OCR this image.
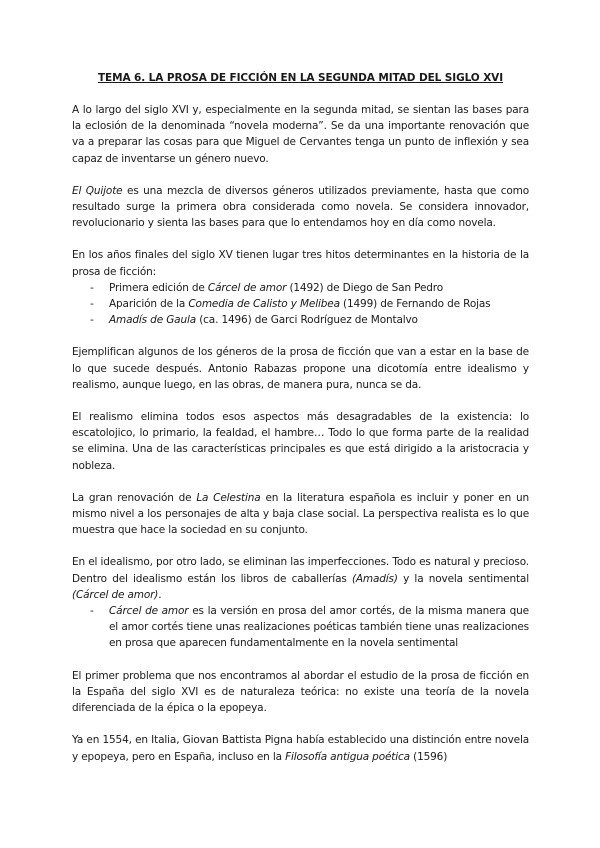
TEMA 6. LA PROSA DE FICCIÓN EN LA SEGUNDA MITAD DEL SIGLO XVI

A lo largo del siglo XVI y, especialmente en la segunda mitad, se sientan las bases para la eclosión de la denominada “novela moderna”. Se da una importante renovación que va a preparar las cosas para que Miguel de Cervantes tenga un punto de inflexión y sea capaz de inventarse un género nuevo.

El Quijote es una mezcla de diversos géneros utilizados previamente, hasta que como resultado surge la primera obra considerada como novela. Se considera innovador, revolucionario y sienta las bases para que lo entendamos hoy en día como novela.

En los años finales del siglo XV tienen lugar tres hitos determinantes en la historia de la prosa de ficción:

- Primera edición de Cárcel de amor (1492) de Diego de San Pedro
- Aparición de la Comedia de Calisto y Melibea (1499) de Fernando de Rojas
- Amadís de Gaula (ca. 1496) de Garci Rodríguez de Montalvo

Ejemplifican algunos de los géneros de la prosa de ficción que van a estar en la base de lo que sucede después. Antonio Rabazas propone una dicotomía entre idealismo y realismo, aunque luego, en las obras, de manera pura, nunca se da.

El realismo elimina todos esos aspectos más desagradables de la existencia: lo escatolojico, lo primario, la fealdad, el hambre… Todo lo que forma parte de la realidad se elimina. Una de las características principales es que está dirigido a la aristocracia y nobleza.

La gran renovación de La Celestina en la literatura española es incluir y poner en un mismo nivel a los personajes de alta y baja clase social. La perspectiva realista es lo que muestra que hace la sociedad en su conjunto.

En el idealismo, por otro lado, se eliminan las imperfecciones. Todo es natural y precioso. Dentro del idealismo están los libros de caballerías (Amadís) y la novela sentimental (Cárcel de amor).

- Cárcel de amor es la versión en prosa del amor cortés, de la misma manera que el amor cortés tiene unas realizaciones poéticas también tiene unas realizaciones en prosa que aparecen fundamentalmente en la novela sentimental

El primer problema que nos encontramos al abordar el estudio de la prosa de ficción en la España del siglo XVI es de naturaleza teórica: no existe una teoría de la novela diferenciada de la épica o la epopeya.

Ya en 1554, en Italia, Giovan Battista Pigna había establecido una distinción entre novela y epopeya, pero en España, incluso en la Filosofía antigua poética (1596)
